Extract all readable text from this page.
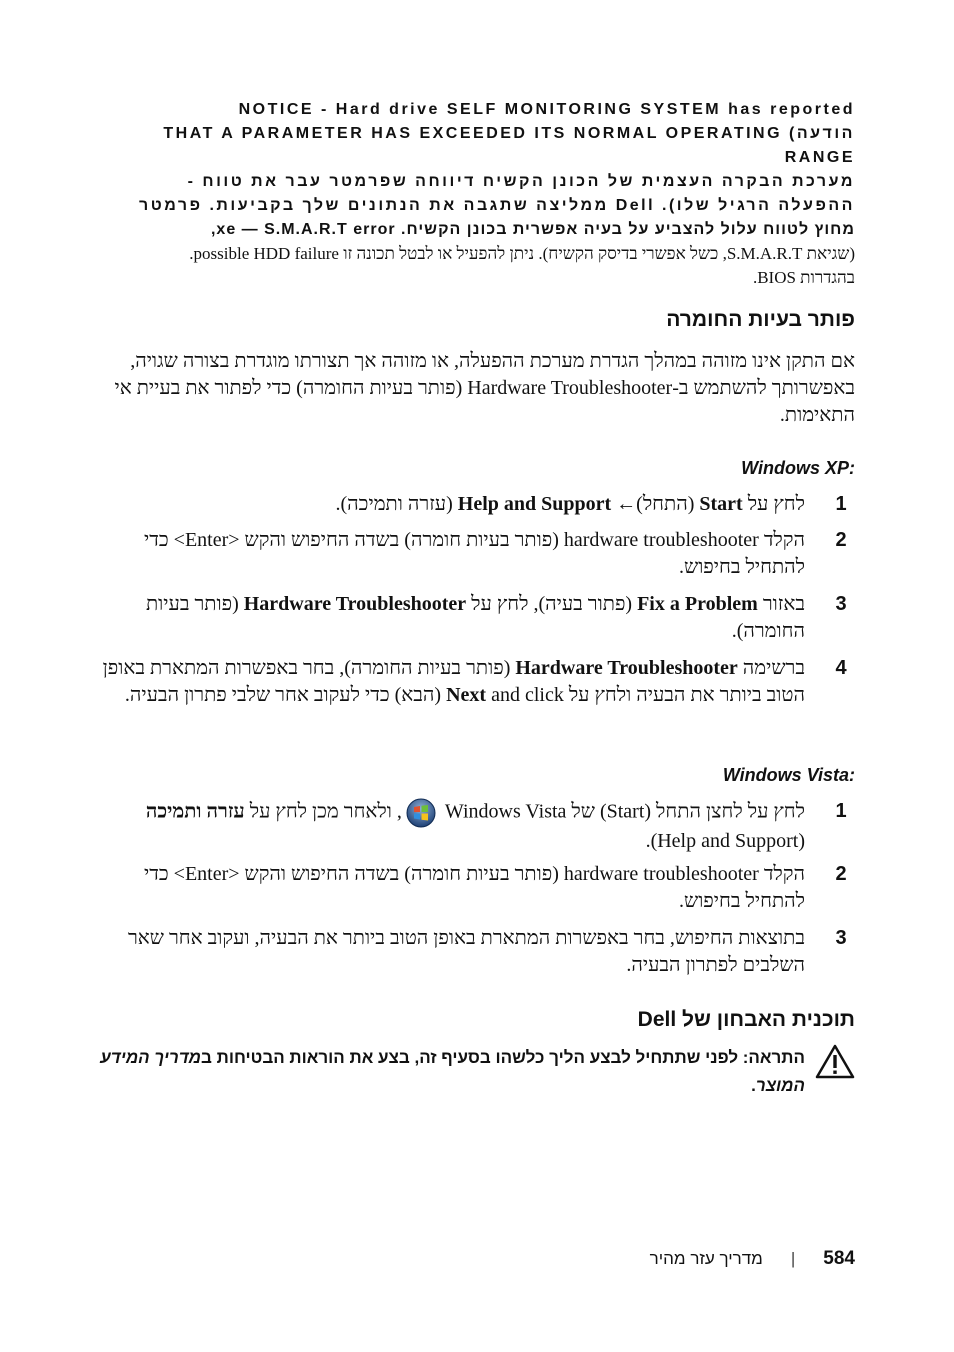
NOTICE - Hard drive SELF MONITORING SYSTEM has reported

הודעה) THAT A PARAMETER HAS EXCEEDED ITS NORMAL OPERATING RANGE

מערכת הבקרה העצמית של הכונן הקשיח דיווחה שפרמטר עבר את טווח -

ההפעלה הרגיל שלו). Dell ממליצה שתגבה את הנתונים שלך בקביעות. פרמטר

מחוץ לטווח עלול להצביע על בעיה אפשרית בכונן הקשיח. xe — S.M.A.R.T error,

(שגיאת S.M.A.R.T, כשל אפשרי בדיסק הקשיח). ניתן להפעיל או לבטל תכונה זו possible HDD failure.

בהגדרות BIOS.

פותר בעיות החומרה

אם התקן אינו מזוהה במהלך הגדרת מערכת ההפעלה, או מזוהה אך תצורתו מוגדרת בצורה שגויה, באפשרותך להשתמש ב-Hardware Troubleshooter (פותר בעיות החומרה) כדי לפתור את בעיית אי התאימות.

:Windows XP
1
לחץ על Start (התחל)← Help and Support (עזרה ותמיכה).
2
הקלד hardware troubleshooter (פותר בעיות חומרה) בשדה החיפוש והקש <Enter> כדי להתחיל בחיפוש.
3
באזור Fix a Problem (פתור בעיה), לחץ על Hardware Troubleshooter (פותר בעיות החומרה).
4
ברשימה Hardware Troubleshooter (פותר בעיות החומרה), בחר באפשרות המתארת באופן הטוב ביותר את הבעיה ולחץ על Next and click (הבא) כדי לעקוב אחר שלבי פתרון הבעיה.
:Windows Vista
1
לחץ על לחצן התחל (Start) של Windows Vista , ולאחר מכן לחץ על עזרה ותמיכה (Help and Support).
2
הקלד hardware troubleshooter (פותר בעיות חומרה) בשדה החיפוש והקש <Enter> כדי להתחיל בחיפוש.
3
בתוצאות החיפוש, בחר באפשרות המתארת באופן הטוב ביותר את הבעיה, ועקוב אחר שאר השלבים לפתרון הבעיה.
תוכנית האבחון של Dell
התראה: לפני שתתחיל לבצע הליך כלשהו בסעיף זה, בצע את הוראות הבטיחות במדריך המידע המוצר.
584|מדריך עזר מהיר
